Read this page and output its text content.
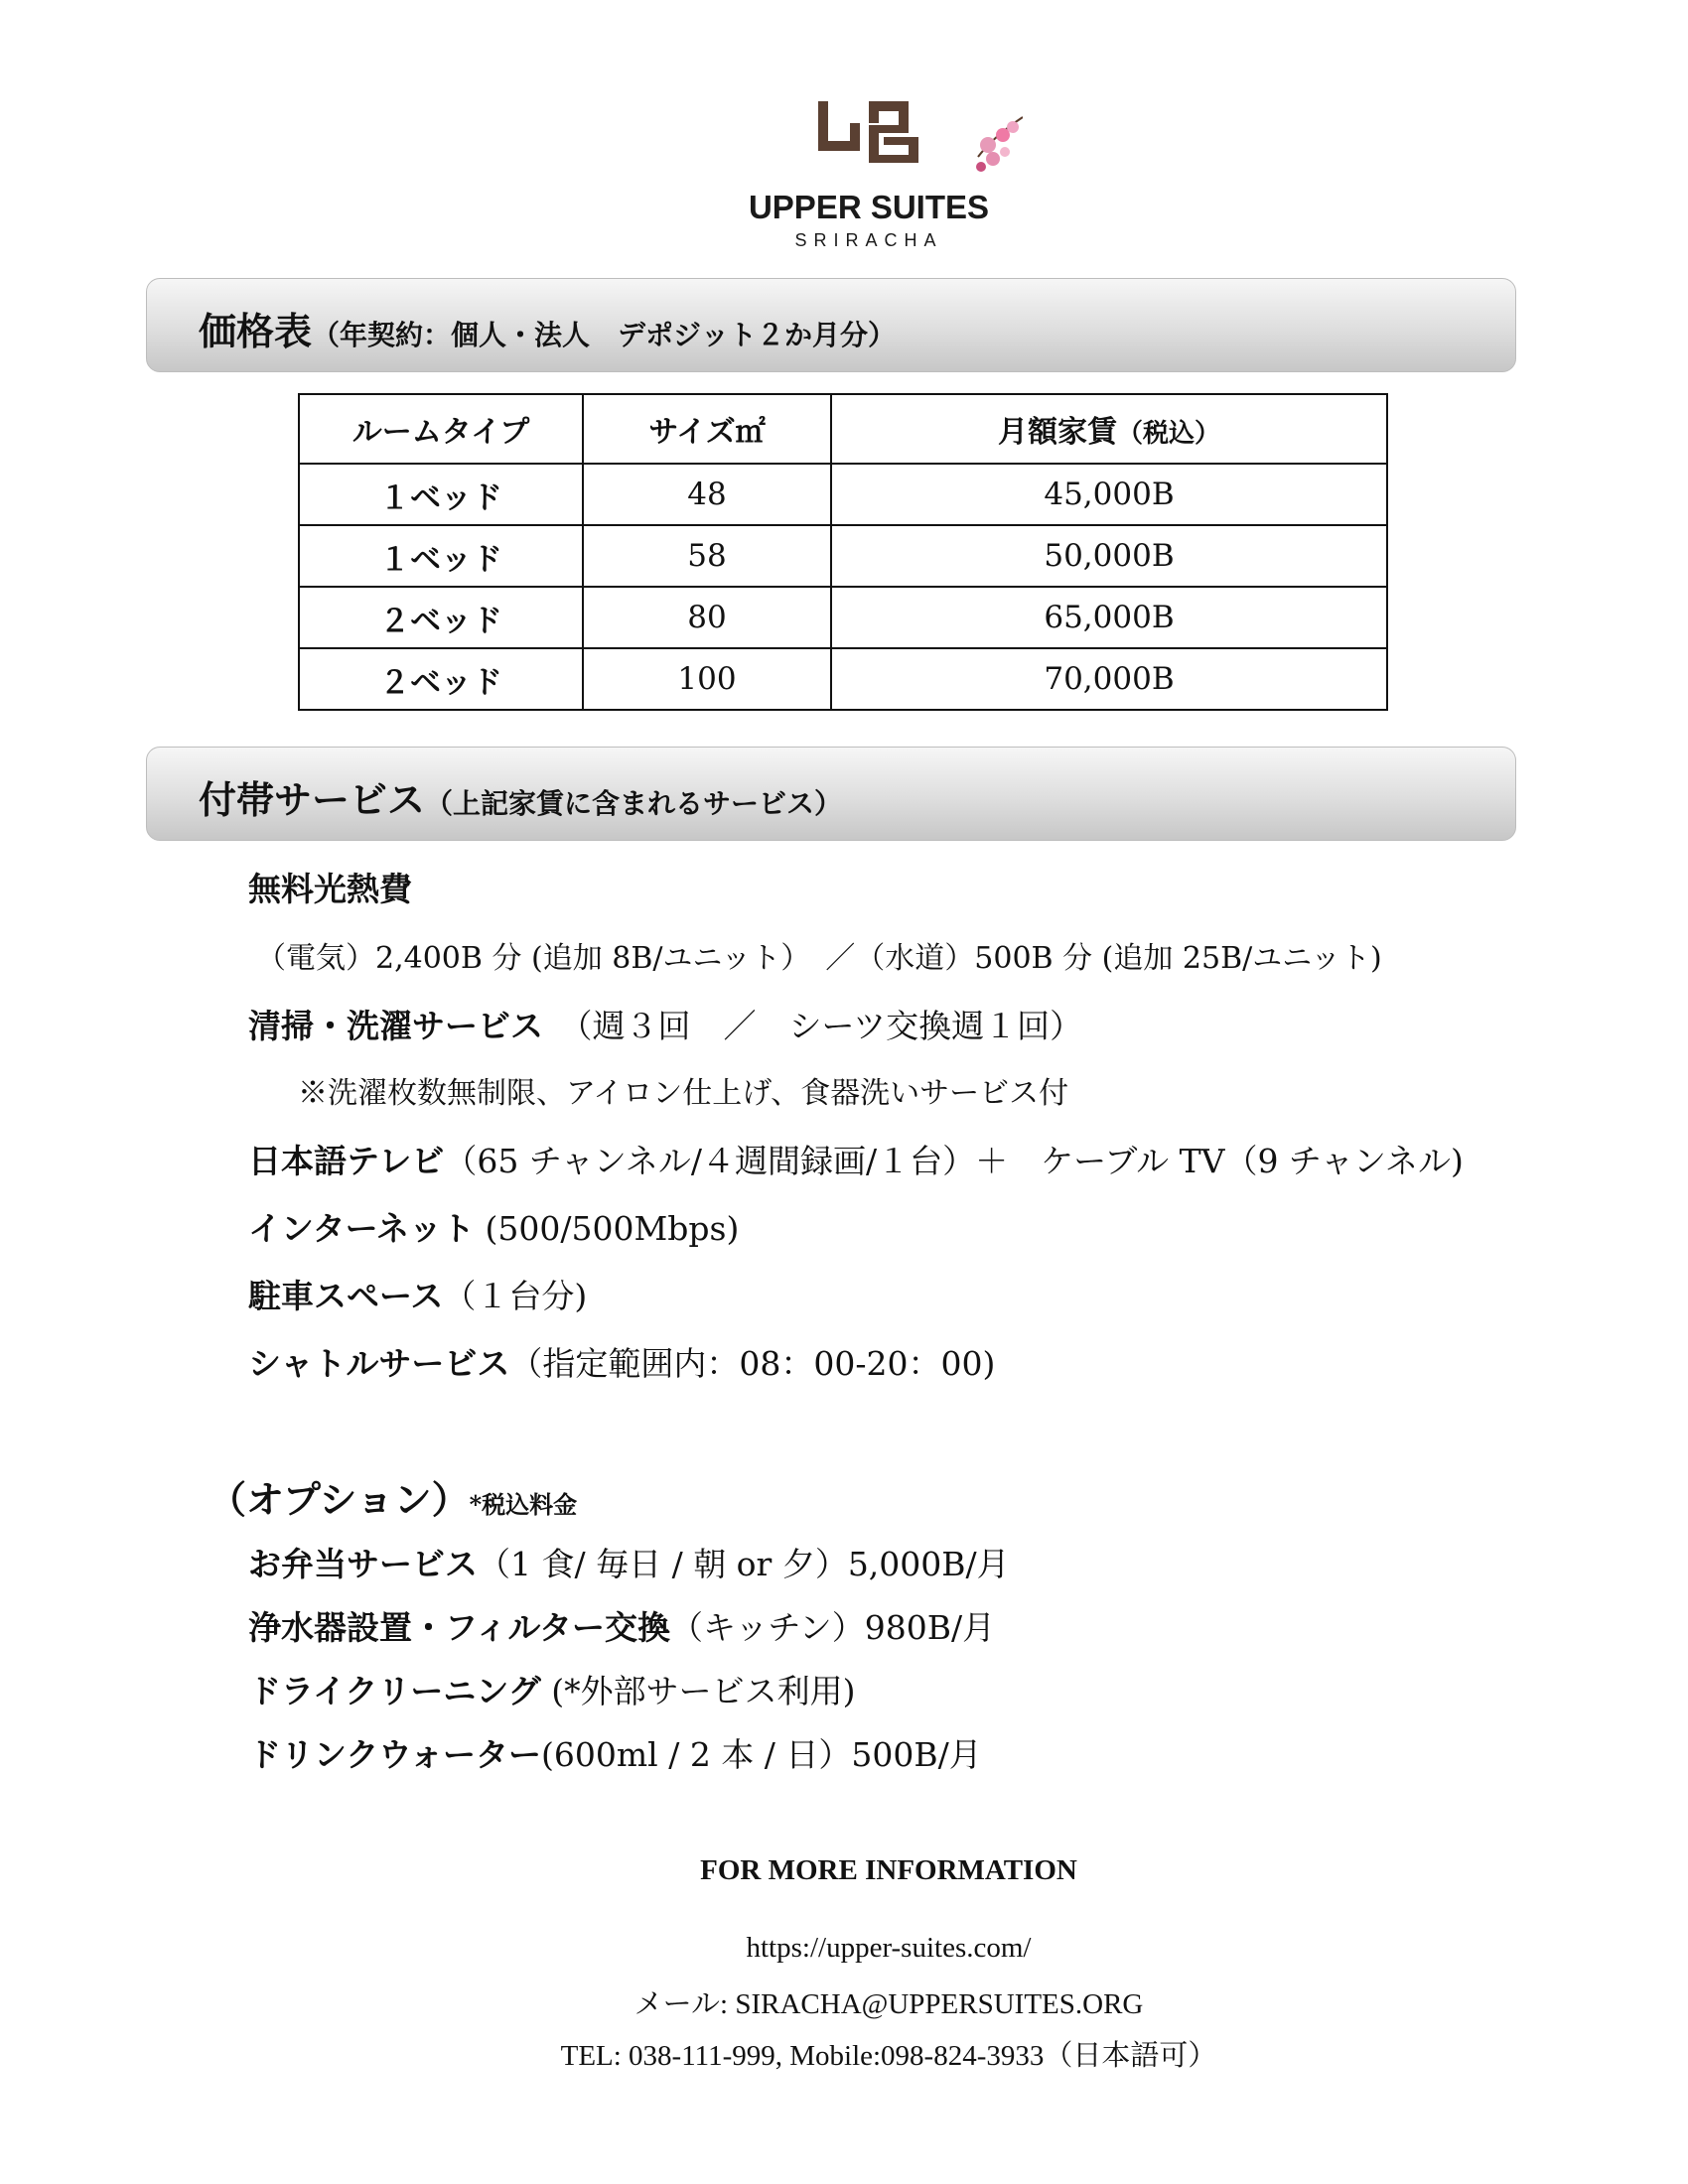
UPPER SUITES
SRIRACHA
価格表（年契約：個人・法人　デポジット２か月分）
ルームタイプ	サイズ㎡	月額家賃（税込）
１ベッド	48	45,000B
１ベッド	58	50,000B
２ベッド	80	65,000B
２ベッド	100	70,000B
付帯サービス（上記家賃に含まれるサービス）
無料光熱費
（電気）2,400B 分 (追加 8B/ユニット）　／（水道）500B 分 (追加 25B/ユニット)
清掃・洗濯サービス　（週３回　／　シーツ交換週１回）
※洗濯枚数無制限、アイロン仕上げ、食器洗いサービス付
日本語テレビ（65 チャンネル/４週間録画/１台）＋　ケーブル TV（9 チャンネル)
インターネット (500/500Mbps)
駐車スペース（１台分)
シャトルサービス（指定範囲内：08：00-20：00)
（オプション）*税込料金
お弁当サービス（1 食/ 毎日 / 朝 or 夕）5,000B/月
浄水器設置・フィルター交換（キッチン）980B/月
ドライクリーニング (*外部サービス利用)
ドリンクウォーター(600ml / 2 本 / 日）500B/月
FOR MORE INFORMATION
https://upper-suites.com/
メール: SIRACHA@UPPERSUITES.ORG
TEL: 038-111-999, Mobile:098-824-3933（日本語可）
